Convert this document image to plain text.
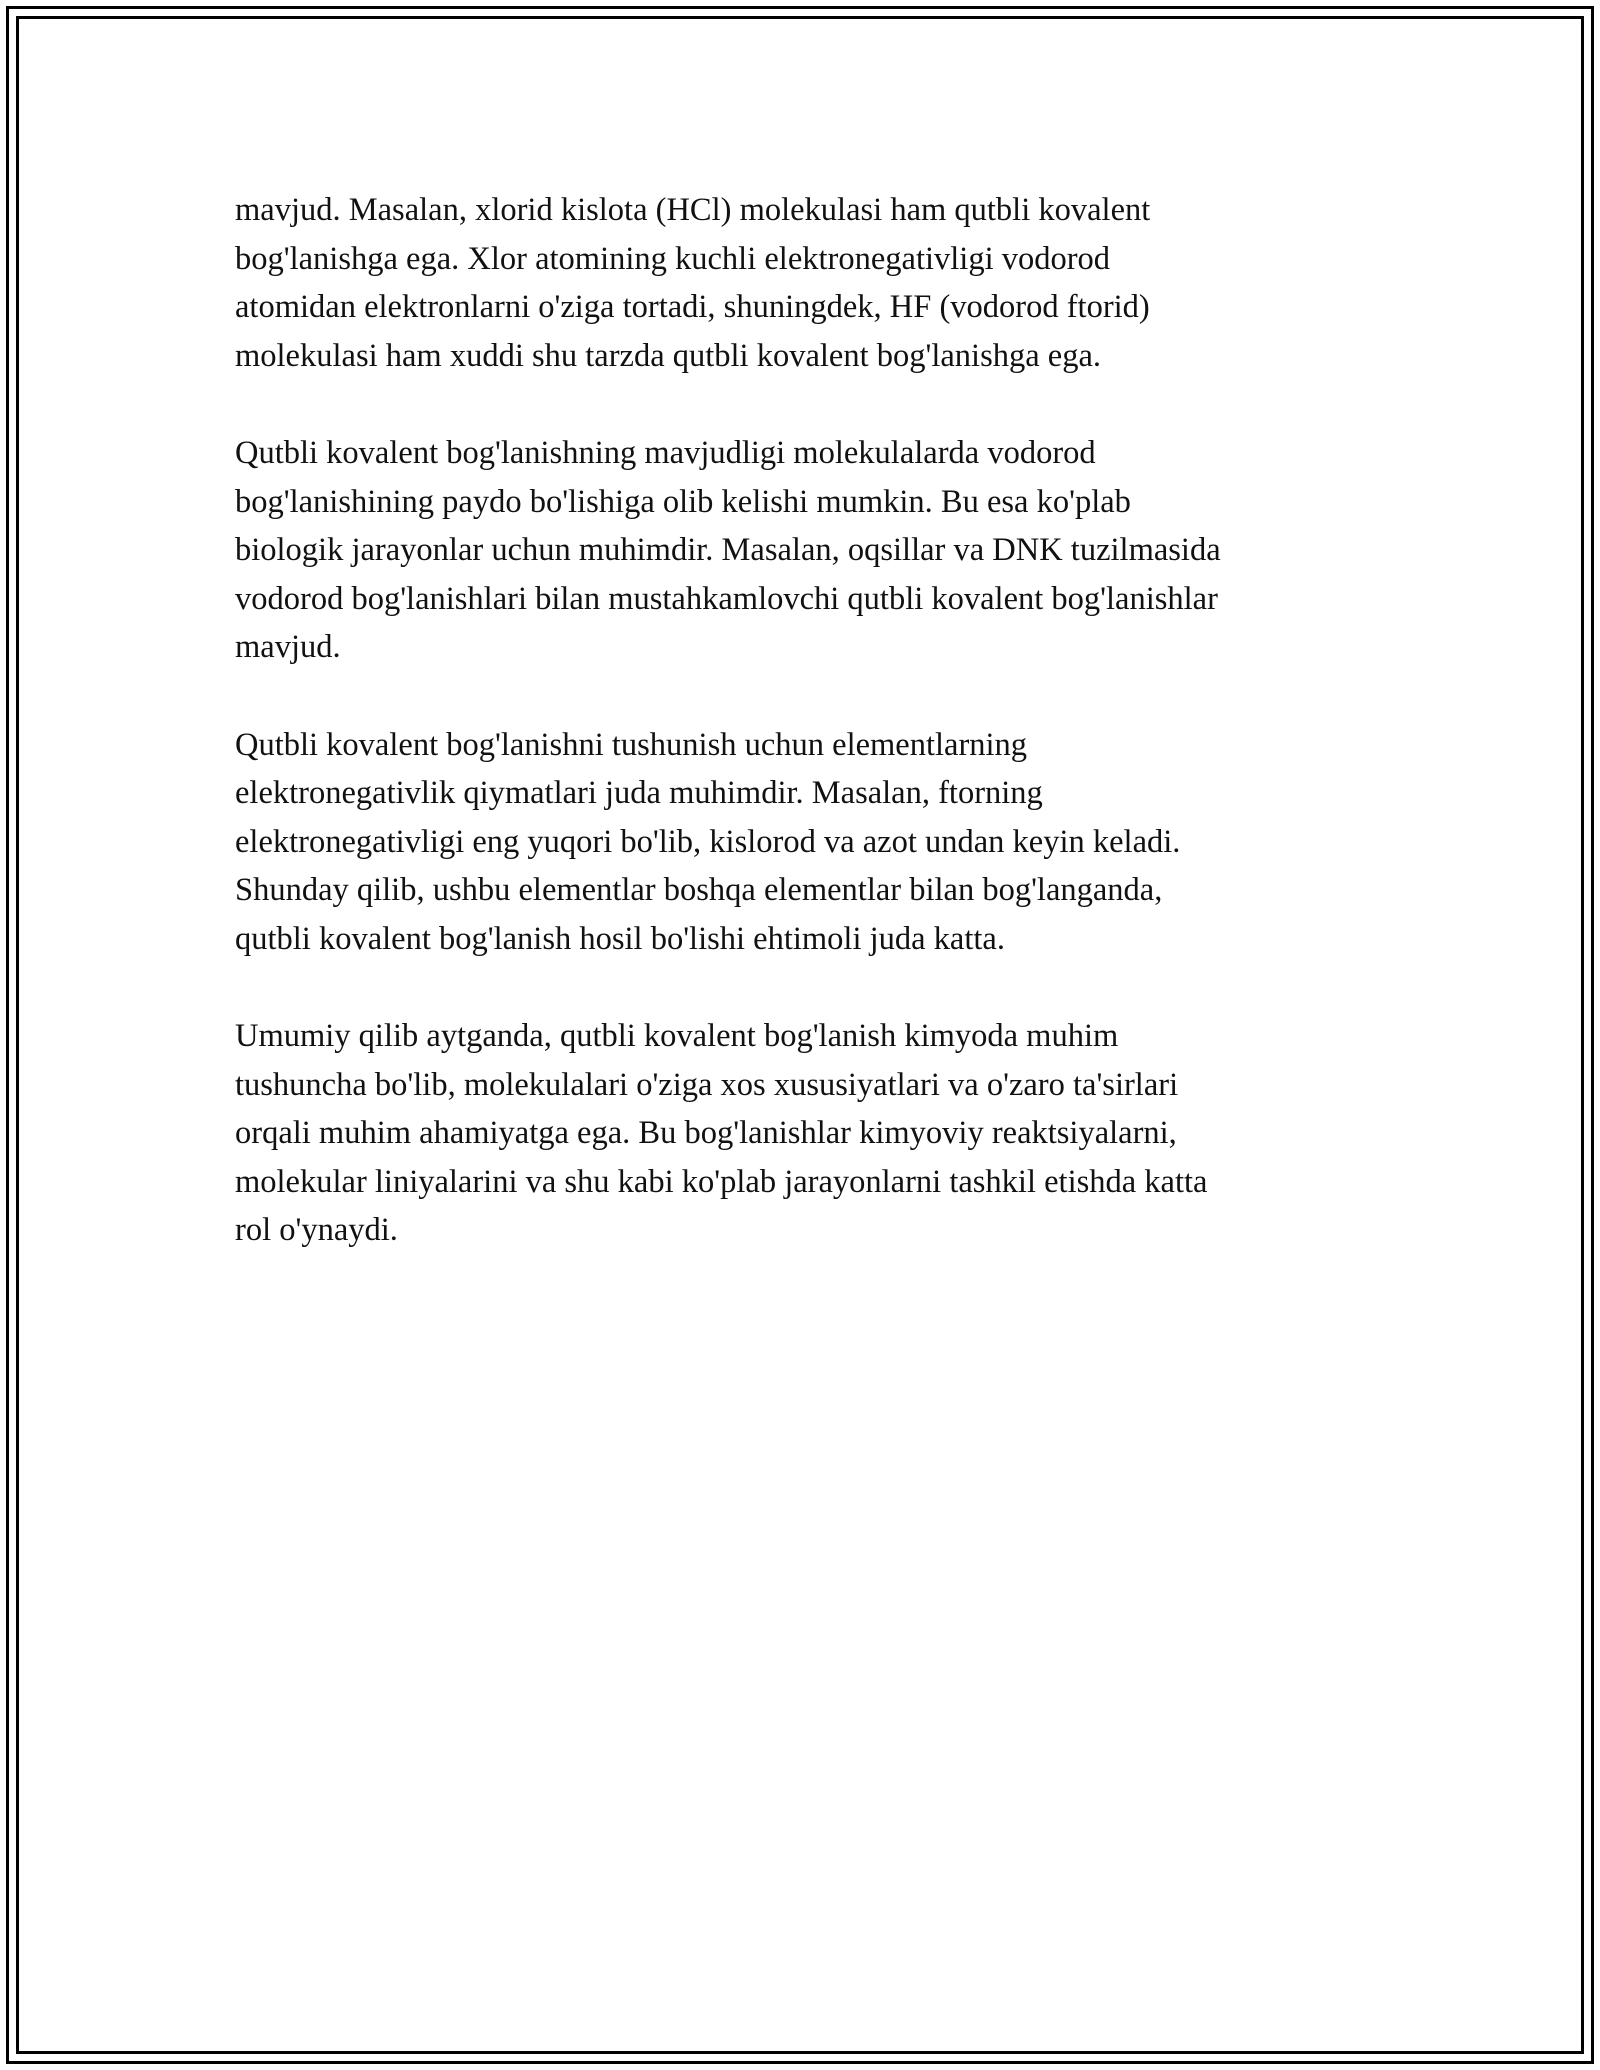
mavjud. Masalan, xlorid kislota (HCl) molekulasi ham qutbli kovalent
bog'lanishga ega. Xlor atomining kuchli elektronegativligi vodorod
atomidan elektronlarni o'ziga tortadi, shuningdek, HF (vodorod ftorid)
molekulasi ham xuddi shu tarzda qutbli kovalent bog'lanishga ega.

Qutbli kovalent bog'lanishning mavjudligi molekulalarda vodorod
bog'lanishining paydo bo'lishiga olib kelishi mumkin. Bu esa ko'plab
biologik jarayonlar uchun muhimdir. Masalan, oqsillar va DNK tuzilmasida
vodorod bog'lanishlari bilan mustahkamlovchi qutbli kovalent bog'lanishlar
mavjud.

Qutbli kovalent bog'lanishni tushunish uchun elementlarning
elektronegativlik qiymatlari juda muhimdir. Masalan, ftorning
elektronegativligi eng yuqori bo'lib, kislorod va azot undan keyin keladi.
Shunday qilib, ushbu elementlar boshqa elementlar bilan bog'langanda,
qutbli kovalent bog'lanish hosil bo'lishi ehtimoli juda katta.

Umumiy qilib aytganda, qutbli kovalent bog'lanish kimyoda muhim
tushuncha bo'lib, molekulalari o'ziga xos xususiyatlari va o'zaro ta'sirlari
orqali muhim ahamiyatga ega. Bu bog'lanishlar kimyoviy reaktsiyalarni,
molekular liniyalarini va shu kabi ko'plab jarayonlarni tashkil etishda katta
rol o'ynaydi.
